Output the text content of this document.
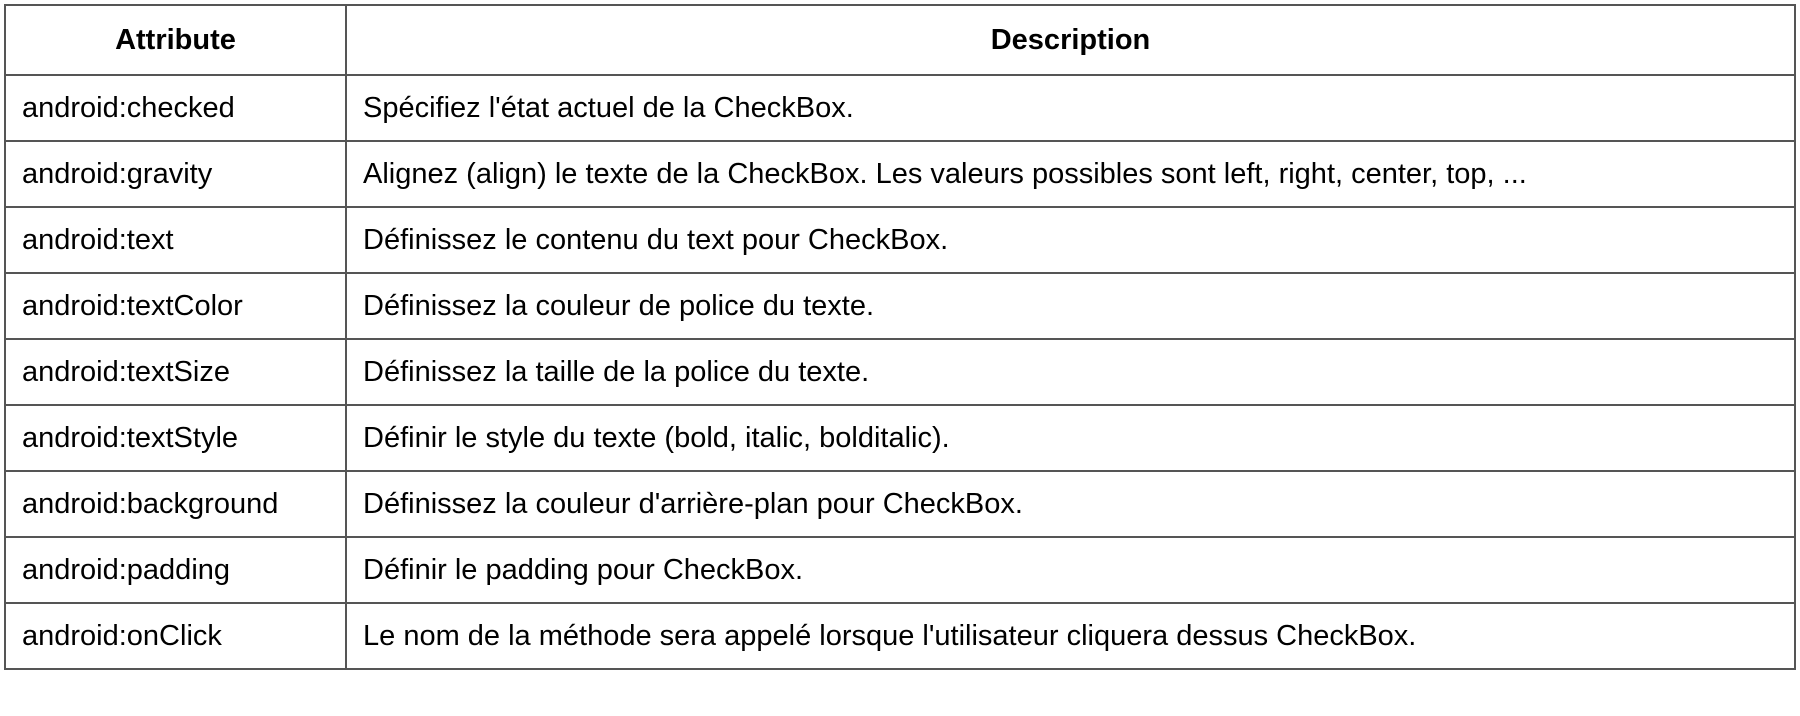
Attribute	Description
android:checked	Spécifiez l'état actuel de la CheckBox.
android:gravity	Alignez (align) le texte de la CheckBox. Les valeurs possibles sont left, right, center, top, ...
android:text	Définissez le contenu du text pour CheckBox.
android:textColor	Définissez la couleur de police du texte.
android:textSize	Définissez la taille de la police du texte.
android:textStyle	Définir le style du texte (bold, italic, bolditalic).
android:background	Définissez la couleur d'arrière-plan pour CheckBox.
android:padding	Définir le padding pour CheckBox.
android:onClick	Le nom de la méthode sera appelé lorsque l'utilisateur cliquera dessus CheckBox.
